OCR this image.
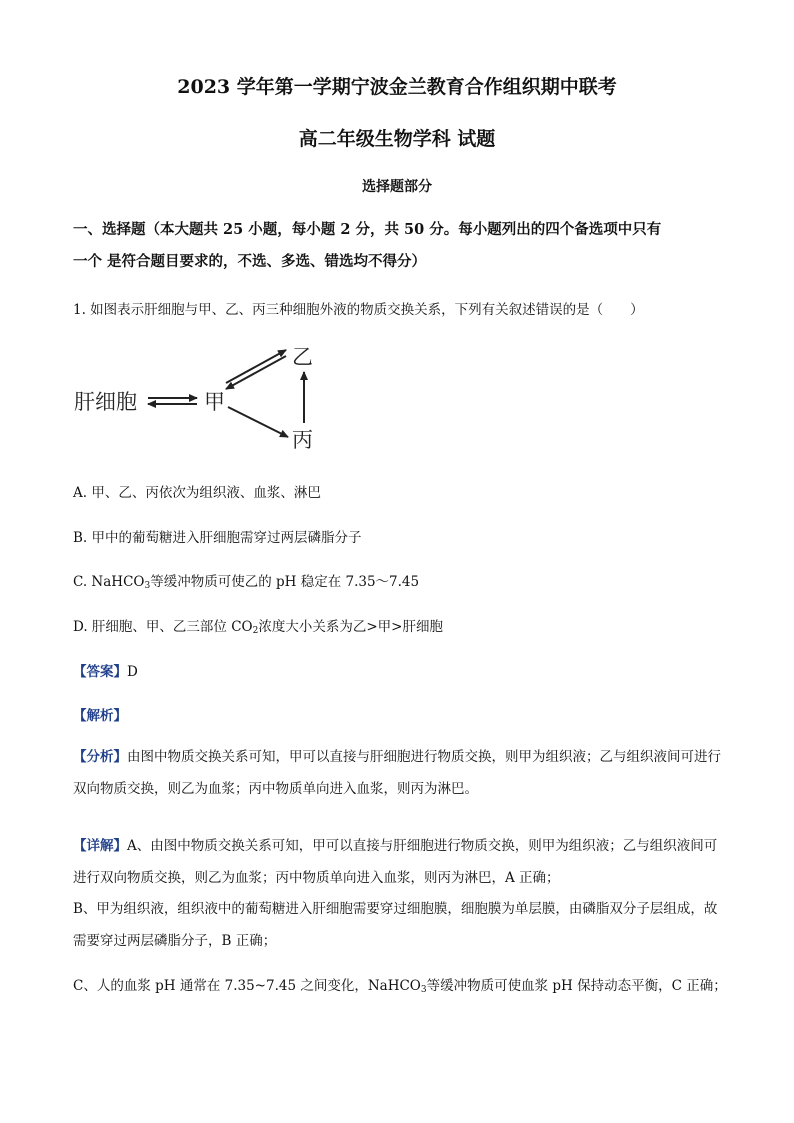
2023 学年第一学期宁波金兰教育合作组织期中联考
高二年级生物学科 试题
选择题部分
一、选择题（本大题共 25 小题，每小题 2 分，共 50 分。每小题列出的四个备选项中只有
一个 是符合题目要求的，不选、多选、错选均不得分）
1. 如图表示肝细胞与甲、乙、丙三种细胞外液的物质交换关系，下列有关叙述错误的是（　　）
肝细胞	甲
乙
丙
A. 甲、乙、丙依次为组织液、血浆、淋巴
B. 甲中的葡萄糖进入肝细胞需穿过两层磷脂分子
C. NaHCO$_3$等缓冲物质可使乙的 pH 稳定在 7.35～7.45
D. 肝细胞、甲、乙三部位 $CO_2$浓度大小关系为乙>甲>肝细胞
【答案】D
【解析】
【分析】由图中物质交换关系可知，甲可以直接与肝细胞进行物质交换，则甲为组织液；乙与组织液间可进行双向物质交换，则乙为血浆；丙中物质单向进入血浆，则丙为淋巴。
【详解】A、由图中物质交换关系可知，甲可以直接与肝细胞进行物质交换，则甲为组织液；乙与组织液间可进行双向物质交换，则乙为血浆；丙中物质单向进入血浆，则丙为淋巴，A 正确；
B、甲为组织液，组织液中的葡萄糖进入肝细胞需要穿过细胞膜，细胞膜为单层膜，由磷脂双分子层组成，故需要穿过两层磷脂分子，B 正确；
C、人的血浆 pH 通常在 7.35~7.45 之间变化，NaHCO$_3$等缓冲物质可使血浆 pH 保持动态平衡，C 正确；
